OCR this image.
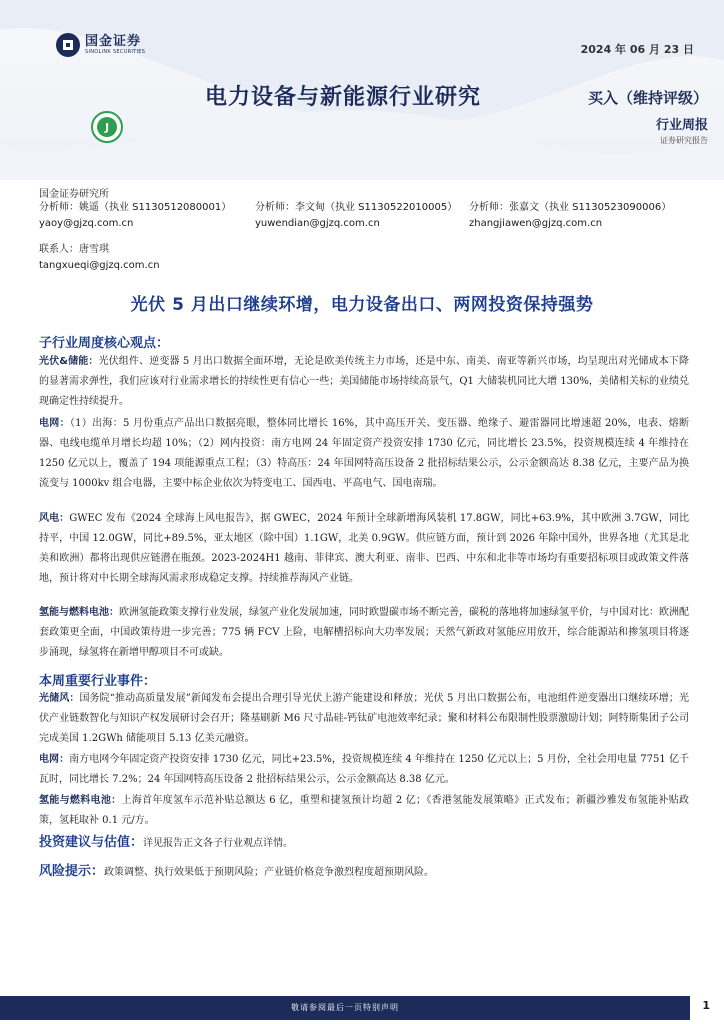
国金证券
SINOLINK SECURITIES	2024 年 06 月 23 日
电力设备与新能源行业研究	买入（维持评级）
行业周报
证券研究报告
J
国金证券研究所
分析师：姚遥（执业 S1130512080001）
yaoy@gjzq.com.cn
分析师：李文甸（执业 S1130522010005）
yuwendian@gjzq.com.cn
分析师：张嘉文（执业 S1130523090006）
zhangjiawen@gjzq.com.cn
联系人：唐雪琪
tangxueqi@gjzq.com.cn
光伏 5 月出口继续环增，电力设备出口、两网投资保持强势
子行业周度核心观点：
光伏&储能：光伏组件、逆变器 5 月出口数据全面环增，无论是欧美传统主力市场，还是中东、南美、南亚等新兴市场，均呈现出对光储成本下降的显著需求弹性，我们应该对行业需求增长的持续性更有信心一些；美国储能市场持续高景气，Q1 大储装机同比大增 130%，美储相关标的业绩兑现确定性持续提升。
电网：（1）出海：5 月份重点产品出口数据亮眼，整体同比增长 16%，其中高压开关、变压器、绝缘子、避雷器同比增速超 20%，电表、熔断器、电线电缆单月增长均超 10%；（2）网内投资：南方电网 24 年固定资产投资安排 1730 亿元，同比增长 23.5%，投资规模连续 4 年维持在 1250 亿元以上，覆盖了 194 项能源重点工程；（3）特高压：24 年国网特高压设备 2 批招标结果公示，公示金额高达 8.38 亿元，主要产品为换流变与 1000kv 组合电器，主要中标企业依次为特变电工、国西电、平高电气、国电南瑞。
风电：GWEC 发布《2024 全球海上风电报告》，据 GWEC，2024 年预计全球新增海风装机 17.8GW，同比+63.9%，其中欧洲 3.7GW，同比持平，中国 12.0GW，同比+89.5%，亚太地区（除中国）1.1GW，北美 0.9GW。供应链方面，预计到 2026 年除中国外，世界各地（尤其是北美和欧洲）都将出现供应链潜在瓶颈。2023-2024H1 越南、菲律宾、澳大利亚、南非、巴西、中东和北非等市场均有重要招标项目或政策文件落地，预计将对中长期全球海风需求形成稳定支撑。持续推荐海风产业链。
氢能与燃料电池：欧洲氢能政策支撑行业发展，绿氢产业化发展加速，同时欧盟碳市场不断完善，碳税的落地将加速绿氢平价，与中国对比：欧洲配套政策更全面，中国政策待进一步完善；775 辆 FCV 上险，电解槽招标向大功率发展；天然气新政对氢能应用放开，综合能源站和掺氢项目将逐步涌现，绿氢将在新增甲醇项目不可或缺。
本周重要行业事件：
光储风：国务院“推动高质量发展”新闻发布会提出合理引导光伏上游产能建设和释放；光伏 5 月出口数据公布，电池组件逆变器出口继续环增；光伏产业链数智化与知识产权发展研讨会召开；隆基刷新 M6 尺寸晶硅-钙钛矿电池效率纪录；聚和材料公布限制性股票激励计划；阿特斯集团子公司完成美国 1.2GWh 储能项目 5.13 亿美元融资。
电网：南方电网今年固定资产投资安排 1730 亿元，同比+23.5%，投资规模连续 4 年维持在 1250 亿元以上；5 月份，全社会用电量 7751 亿千瓦时，同比增长 7.2%；24 年国网特高压设备 2 批招标结果公示，公示金额高达 8.38 亿元。
氢能与燃料电池：上海首年度氢车示范补贴总额达 6 亿，重塑和捷氢预计均超 2 亿；《香港氢能发展策略》正式发布；新疆沙雅发布氢能补贴政策，氢耗取补 0.1 元/方。
投资建议与估值：详见报告正文各子行业观点详情。
风险提示：政策调整、执行效果低于预期风险；产业链价格竞争激烈程度超预期风险。
敬请参阅最后一页特别声明	1
